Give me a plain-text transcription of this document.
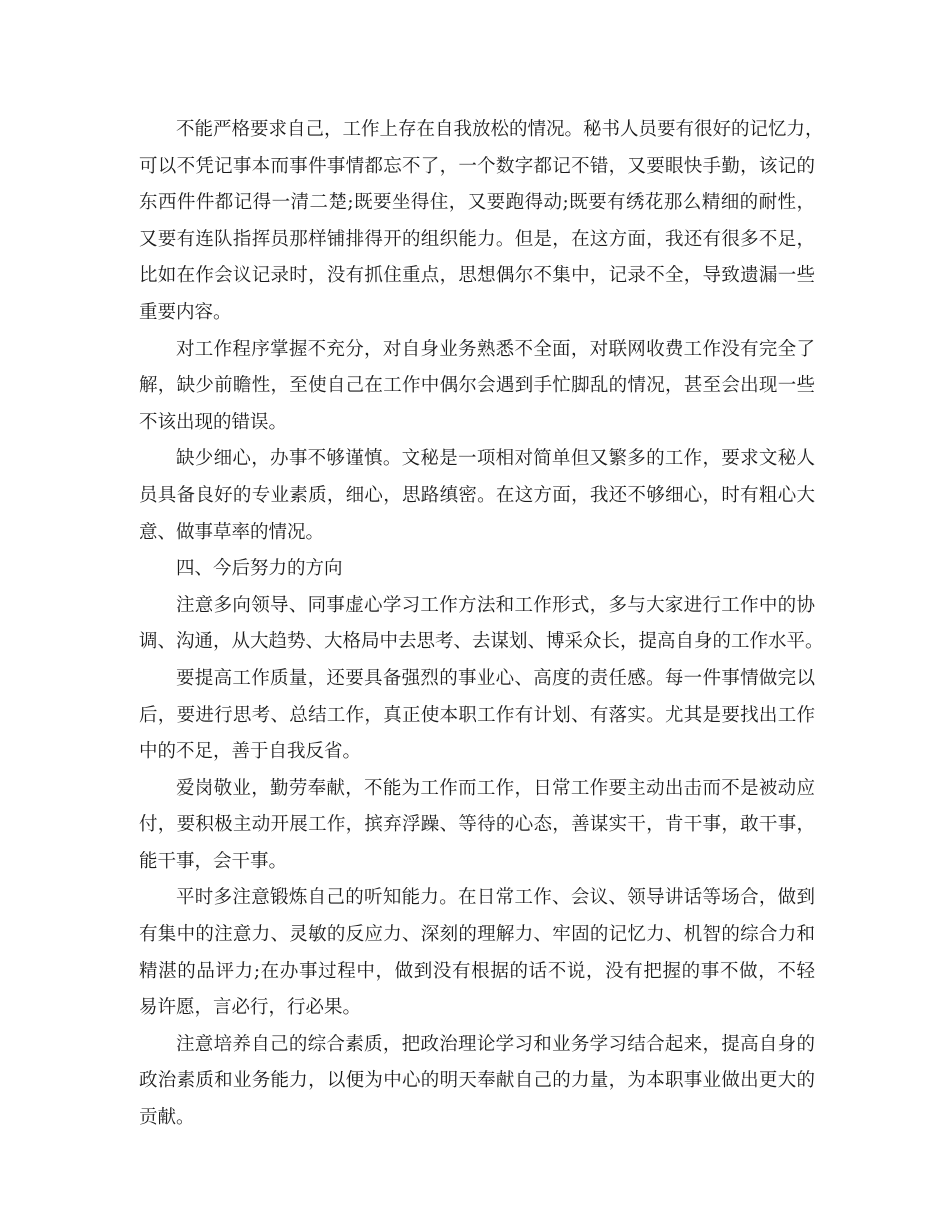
不能严格要求自己，工作上存在自我放松的情况。秘书人员要有很好的记忆力，
可以不凭记事本而事件事情都忘不了，一个数字都记不错，又要眼快手勤，该记的
东西件件都记得一清二楚;既要坐得住，又要跑得动;既要有绣花那么精细的耐性，
又要有连队指挥员那样铺排得开的组织能力。但是，在这方面，我还有很多不足，
比如在作会议记录时，没有抓住重点，思想偶尔不集中，记录不全，导致遗漏一些
重要内容。
对工作程序掌握不充分，对自身业务熟悉不全面，对联网收费工作没有完全了
解，缺少前瞻性，至使自己在工作中偶尔会遇到手忙脚乱的情况，甚至会出现一些
不该出现的错误。
缺少细心，办事不够谨慎。文秘是一项相对简单但又繁多的工作，要求文秘人
员具备良好的专业素质，细心，思路缜密。在这方面，我还不够细心，时有粗心大
意、做事草率的情况。
四、今后努力的方向
注意多向领导、同事虚心学习工作方法和工作形式，多与大家进行工作中的协
调、沟通，从大趋势、大格局中去思考、去谋划、博采众长，提高自身的工作水平。
要提高工作质量，还要具备强烈的事业心、高度的责任感。每一件事情做完以
后，要进行思考、总结工作，真正使本职工作有计划、有落实。尤其是要找出工作
中的不足，善于自我反省。
爱岗敬业，勤劳奉献，不能为工作而工作，日常工作要主动出击而不是被动应
付，要积极主动开展工作，摈弃浮躁、等待的心态，善谋实干，肯干事，敢干事，
能干事，会干事。
平时多注意锻炼自己的听知能力。在日常工作、会议、领导讲话等场合，做到
有集中的注意力、灵敏的反应力、深刻的理解力、牢固的记忆力、机智的综合力和
精湛的品评力;在办事过程中，做到没有根据的话不说，没有把握的事不做，不轻
易许愿，言必行，行必果。
注意培养自己的综合素质，把政治理论学习和业务学习结合起来，提高自身的
政治素质和业务能力，以便为中心的明天奉献自己的力量，为本职事业做出更大的
贡献。
